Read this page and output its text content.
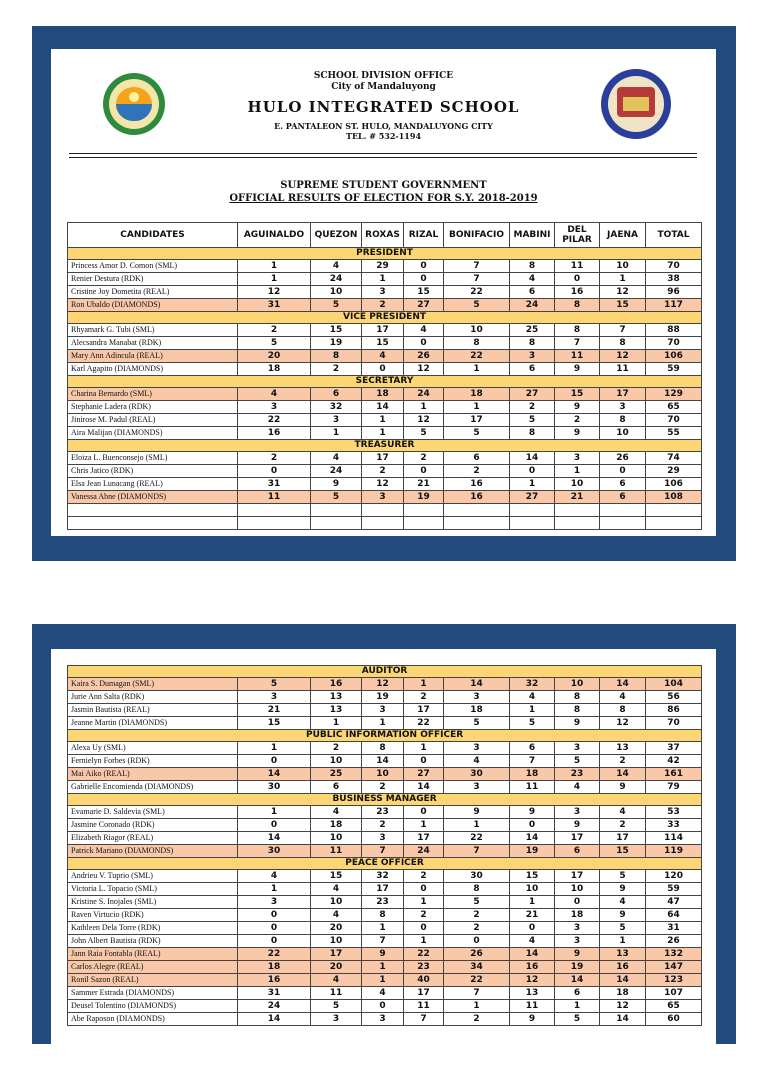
SCHOOL DIVISION OFFICE
City of Mandaluyong
HULO INTEGRATED SCHOOL
E. PANTALEON ST. HULO, MANDALUYONG CITY
TEL. # 532-1194
SUPREME STUDENT GOVERNMENT
OFFICIAL RESULTS OF ELECTION FOR S.Y. 2018-2019
CANDIDATES	AGUINALDO	QUEZON	ROXAS	RIZAL	BONIFACIO	MABINI	DEL PILAR	JAENA	TOTAL
PRESIDENT									
Princess Amor D. Comon (SML)	1	4	29	0	7	8	11	10	70
Renier Destura (RDK)	1	24	1	0	7	4	0	1	38
Cristine Joy Dometita (REAL)	12	10	3	15	22	6	16	12	96
Ron Ubaldo (DIAMONDS)	31	5	2	27	5	24	8	15	117
VICE PRESIDENT									
Rhyamark G. Tubi (SML)	2	15	17	4	10	25	8	7	88
Alecsandra Manabat (RDK)	5	19	15	0	8	8	7	8	70
Mary Ann Adincula (REAL)	20	8	4	26	22	3	11	12	106
Karl Agapito (DIAMONDS)	18	2	0	12	1	6	9	11	59
SECRETARY									
Charina Bernardo (SML)	4	6	18	24	18	27	15	17	129
Stephanie Ladera (RDK)	3	32	14	1	1	2	9	3	65
Jinirose M. Padul (REAL)	22	3	1	12	17	5	2	8	70
Aira Malijan (DIAMONDS)	16	1	1	5	5	8	9	10	55
TREASURER									
Eloiza L. Buenconsejo (SML)	2	4	17	2	6	14	3	26	74
Chris Jatico (RDK)	0	24	2	0	2	0	1	0	29
Elsa Jean Lunacang (REAL)	31	9	12	21	16	1	10	6	106
Vanessa Abne (DIAMONDS)	11	5	3	19	16	27	21	6	108

AUDITOR									
Kaira S. Dumagan (SML)	5	16	12	1	14	32	10	14	104
Jurie Ann Salta (RDK)	3	13	19	2	3	4	8	4	56
Jasmin Bautista (REAL)	21	13	3	17	18	1	8	8	86
Jeanne Martin (DIAMONDS)	15	1	1	22	5	5	9	12	70
PUBLIC INFORMATION OFFICER									
Alexa Uy (SML)	1	2	8	1	3	6	3	13	37
Fernielyn Forbes (RDK)	0	10	14	0	4	7	5	2	42
Mai Aiko (REAL)	14	25	10	27	30	18	23	14	161
Gabrielle Encomienda (DIAMONDS)	30	6	2	14	3	11	4	9	79
BUSINESS MANAGER									
Evamarie D. Saldevia (SML)	1	4	23	0	9	9	3	4	53
Jasmine Coronado (RDK)	0	18	2	1	1	0	9	2	33
Elizabeth Riagor (REAL)	14	10	3	17	22	14	17	17	114
Patrick Mariano (DIAMONDS)	30	11	7	24	7	19	6	15	119
PEACE OFFICER									
Andrieu V. Tuprio (SML)	4	15	32	2	30	15	17	5	120
Victoria L. Topacio (SML)	1	4	17	0	8	10	10	9	59
Kristine S. Inojales (SML)	3	10	23	1	5	1	0	4	47
Raven Virtucio (RDK)	0	4	8	2	2	21	18	9	64
Kathleen Dela Torre (RDK)	0	20	1	0	2	0	3	5	31
John Albert Bautista (RDK)	0	10	7	1	0	4	3	1	26
Jann Raia Fontabla (REAL)	22	17	9	22	26	14	9	13	132
Carlos Alegre (REAL)	18	20	1	23	34	16	19	16	147
Ronil Sazon (REAL)	16	4	1	40	22	12	14	14	123
Sammer Estrada (DIAMONDS)	31	11	4	17	7	13	6	18	107
Deusel Tolentino (DIAMONDS)	24	5	0	11	1	11	1	12	65
Abe Raposon (DIAMONDS)	14	3	3	7	2	9	5	14	60
